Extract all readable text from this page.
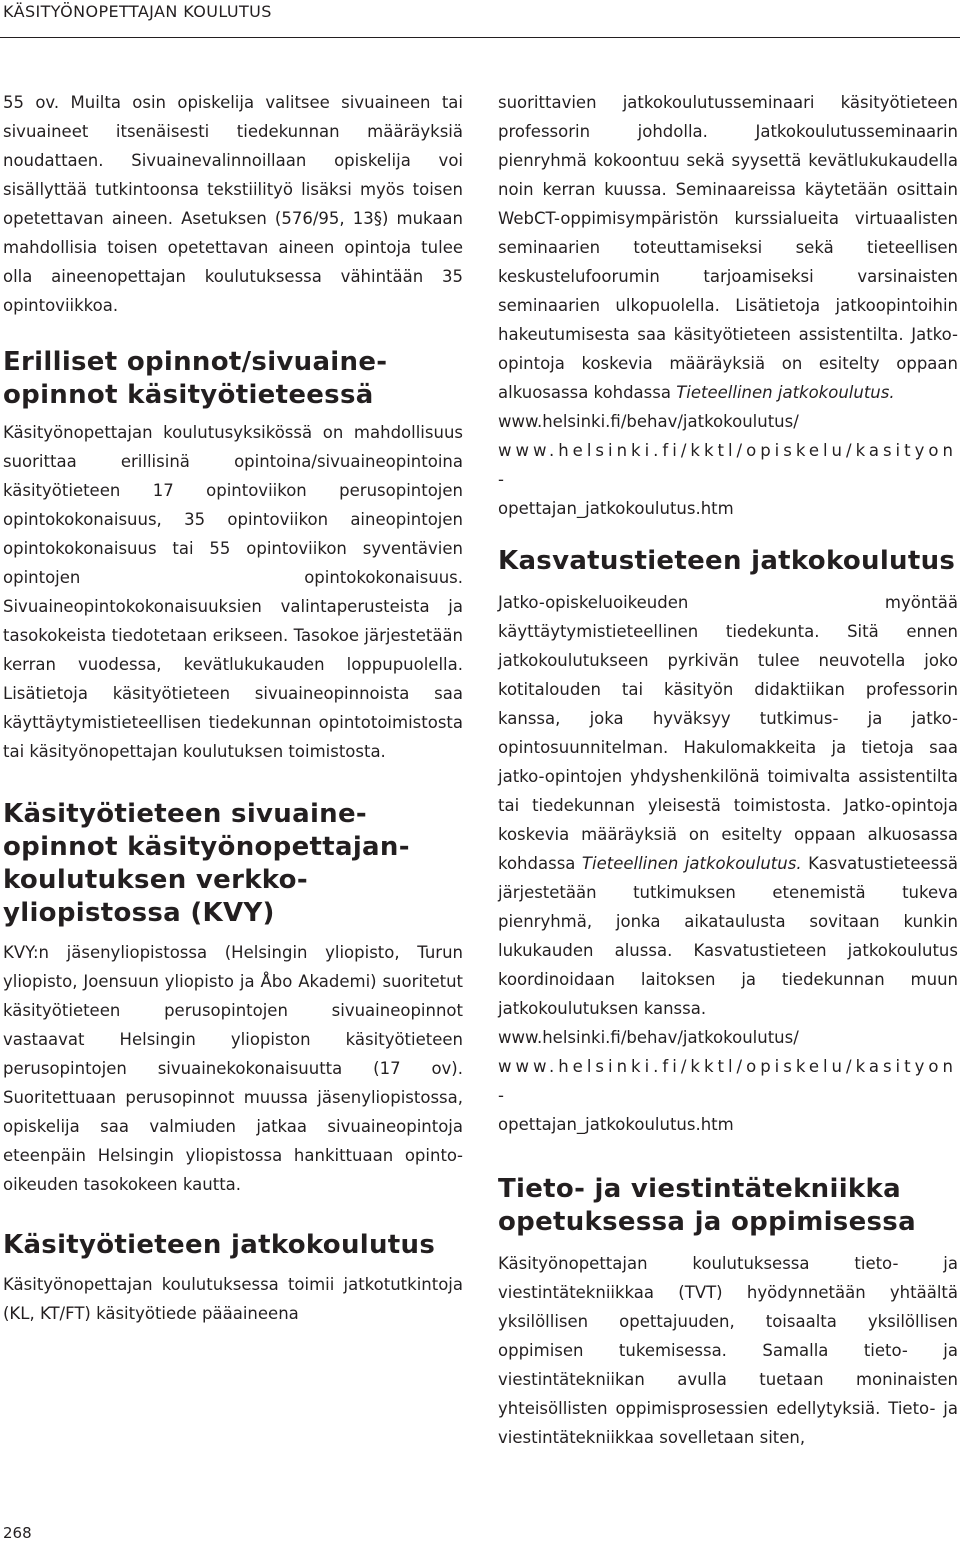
KÄSITYÖNOPETTAJAN KOULUTUS

55 ov. Muilta osin opiskelija valitsee sivuaineen tai sivuaineet itsenäisesti tiedekunnan määräyksiä noudattaen. Sivuainevalinnoillaan opiskelija voi sisällyttää tutkintoonsa tekstiilityö lisäksi myös toisen opetettavan aineen. Asetuksen (576/95, 13§) mukaan mahdollisia toisen opetettavan aineen opintoja tulee olla aineenopettajan koulutuksessa vähintään 35 opintoviikkoa.

Erilliset opinnot/sivuaineopinnot käsityötieteessä

Käsityönopettajan koulutusyksikössä on mahdollisuus suorittaa erillisinä opintoina/sivuaineopintoina käsityötieteen 17 opintoviikon perusopintojen opintokokonaisuus, 35 opintoviikon aineopintojen opintokokonaisuus tai 55 opintoviikon syventävien opintojen opintokokonaisuus. Sivuaineopintokokonaisuuksien valintaperusteista ja tasokokeista tiedotetaan erikseen. Tasokoe järjestetään kerran vuodessa, kevätlukukauden loppupuolella. Lisätietoja käsityötieteen sivuaineopinnoista saa käyttäytymistieteellisen tiedekunnan opintotoimistosta tai käsityönopettajan koulutuksen toimistosta.

Käsityötieteen sivuaineopinnot käsityönopettajankoulutuksen verkkoyliopistossa (KVY)

KVY:n jäsenyliopistossa (Helsingin yliopisto, Turun yliopisto, Joensuun yliopisto ja Åbo Akademi) suoritetut käsityötieteen perusopintojen sivuaineopinnot vastaavat Helsingin yliopiston käsityötieteen perusopintojen sivuainekokonaisuutta (17 ov). Suoritettuaan perusopinnot muussa jäsenyliopistossa, opiskelija saa valmiuden jatkaa sivuaineopintoja eteenpäin Helsingin yliopistossa hankittuaan opintooikeuden tasokokeen kautta.

Käsityötieteen jatkokoulutus

Käsityönopettajan koulutuksessa toimii jatkotutkintoja (KL, KT/FT) käsityötiede pääaineena

suorittavien jatkokoulutusseminaari käsityötieteen professorin johdolla. Jatkokoulutusseminaarin pienryhmä kokoontuu sekä syysettä kevätlukukaudella noin kerran kuussa. Seminaareissa käytetään osittain WebCT-oppimisympäristön kurssialueita virtuaalisten seminaarien toteuttamiseksi sekä tieteellisen keskustelufoorumin tarjoamiseksi varsinaisten seminaarien ulkopuolella. Lisätietoja jatkoopintoihin hakeutumisesta saa käsityötieteen assistentilta. Jatko-opintoja koskevia määräyksiä on esitelty oppaan alkuosassa kohdassa Tieteellinen jatkokoulutus.

www.helsinki.fi/behav/jatkokoulutus/

www.helsinki.fi/kktl/opiskelu/kasityon-
opettajan_jatkokoulutus.htm

Kasvatustieteen jatkokoulutus

Jatko-opiskeluoikeuden myöntää käyttäytymistieteellinen tiedekunta. Sitä ennen jatkokoulutukseen pyrkivän tulee neuvotella joko kotitalouden tai käsityön didaktiikan professorin kanssa, joka hyväksyy tutkimus- ja jatko-opintosuunnitelman. Hakulomakkeita ja tietoja saa jatko-opintojen yhdyshenkilönä toimivalta assistentilta tai tiedekunnan yleisestä toimistosta. Jatko-opintoja koskevia määräyksiä on esitelty oppaan alkuosassa kohdassa Tieteellinen jatkokoulutus. Kasvatustieteessä järjestetään tutkimuksen etenemistä tukeva pienryhmä, jonka aikataulusta sovitaan kunkin lukukauden alussa. Kasvatustieteen jatkokoulutus koordinoidaan laitoksen ja tiedekunnan muun jatkokoulutuksen kanssa.

www.helsinki.fi/behav/jatkokoulutus/

www.helsinki.fi/kktl/opiskelu/kasityon-
opettajan_jatkokoulutus.htm

Tieto- ja viestintätekniikka opetuksessa ja oppimisessa

Käsityönopettajan koulutuksessa tieto- ja viestintätekniikkaa (TVT) hyödynnetään yhtäältä yksilöllisen opettajuuden, toisaalta yksilöllisen oppimisen tukemisessa. Samalla tieto- ja viestintätekniikan avulla tuetaan moninaisten yhteisöllisten oppimisprosessien edellytyksiä. Tieto- ja viestintätekniikkaa sovelletaan siten,

268
